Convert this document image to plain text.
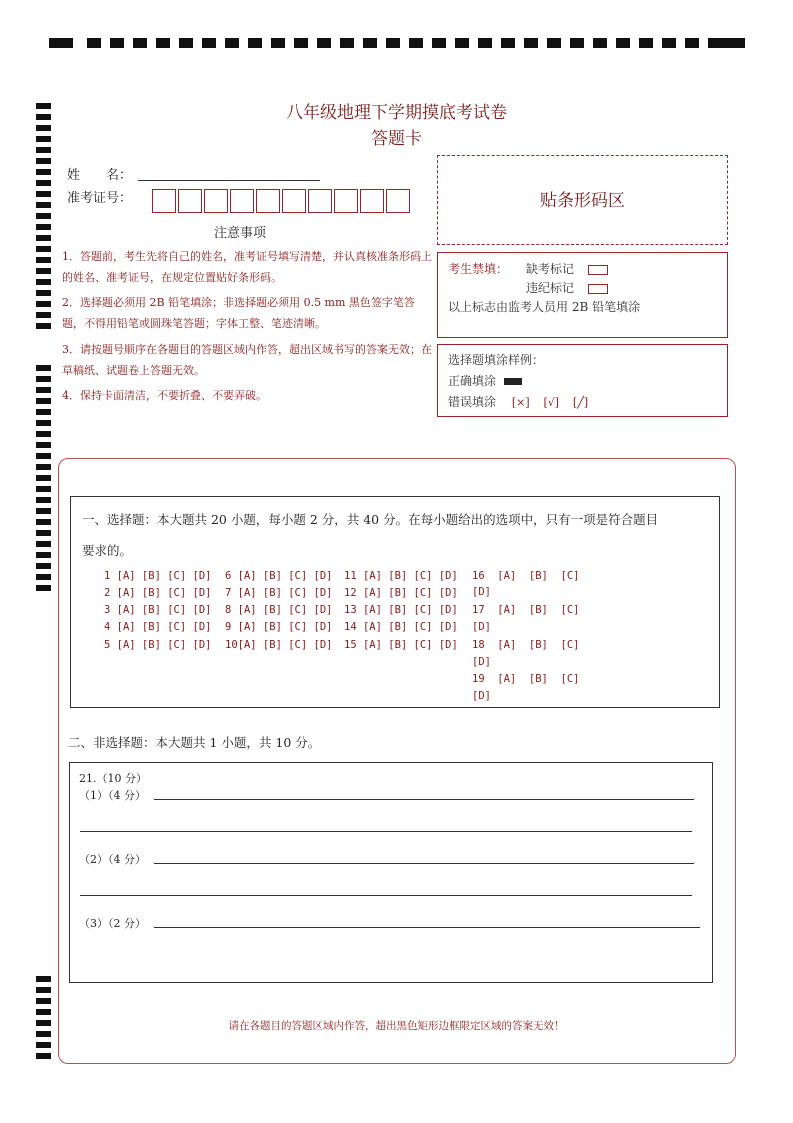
八年级地理下学期摸底考试卷
答题卡
姓　　名：
准考证号：
注意事项
1．答题前，考生先将自己的姓名，准考证号填写清楚，并认真核准条形码上的姓名、准考证号，在规定位置贴好条形码。
2．选择题必须用 2B 铅笔填涂；非选择题必须用 0.5 mm 黑色签字笔答题，不得用铅笔或圆珠笔答题；字体工整、笔迹清晰。
3．请按题号顺序在各题目的答题区域内作答，超出区域书写的答案无效；在草稿纸、试题卷上答题无效。
4．保持卡面清洁，不要折叠、不要弄破。
贴条形码区
考生禁填： 缺考标记
违纪标记
以上标志由监考人员用 2B 铅笔填涂
选择题填涂样例：
正确填涂
错误填涂 [×] [√] [╱]
一、选择题：本大题共 20 小题，每小题 2 分，共 40 分。在每小题给出的选项中，只有一项是符合题目
要求的。
1 [A] [B] [C] [D]
2 [A] [B] [C] [D]
3 [A] [B] [C] [D]
4 [A] [B] [C] [D]
5 [A] [B] [C] [D]
6 [A] [B] [C] [D]
7 [A] [B] [C] [D]
8 [A] [B] [C] [D]
9 [A] [B] [C] [D]
10[A] [B] [C] [D]
11 [A] [B] [C] [D]
12 [A] [B] [C] [D]
13 [A] [B] [C] [D]
14 [A] [B] [C] [D]
15 [A] [B] [C] [D]
16  [A]  [B]  [C]
[D]
17  [A]  [B]  [C]
[D]
18  [A]  [B]  [C]
[D]
19  [A]  [B]  [C]
[D]
二、非选择题：本大题共 1 小题，共 10 分。
21.（10 分）
（1）（4 分）
（2）（4 分）
（3）（2 分）
请在各题目的答题区域内作答，超出黑色矩形边框限定区域的答案无效！
